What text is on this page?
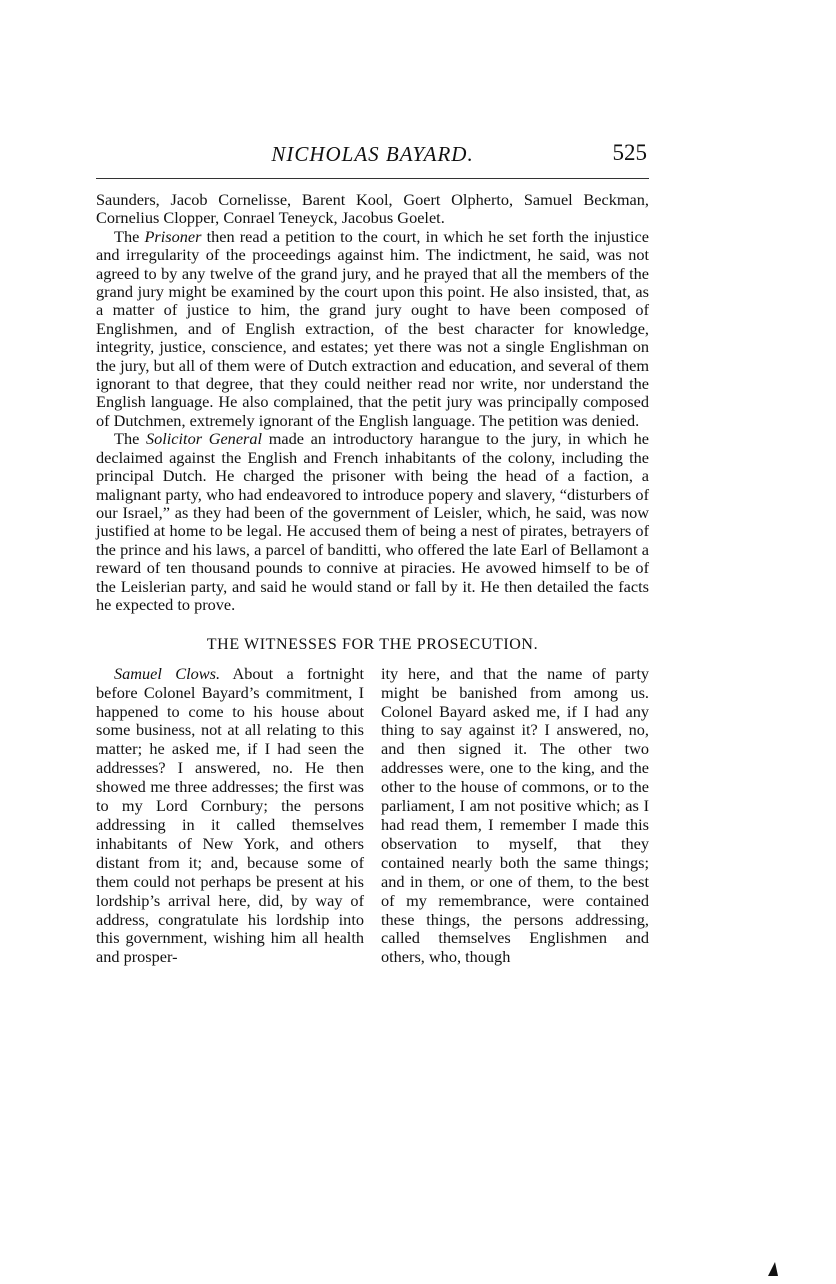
NICHOLAS BAYARD.	525

Saunders, Jacob Cornelisse, Barent Kool, Goert Olpherto, Samuel Beckman, Cornelius Clopper, Conrael Teneyck, Jacobus Goelet.

The Prisoner then read a petition to the court, in which he set forth the injustice and irregularity of the proceedings against him. The indictment, he said, was not agreed to by any twelve of the grand jury, and he prayed that all the members of the grand jury might be examined by the court upon this point. He also insisted, that, as a matter of justice to him, the grand jury ought to have been composed of Englishmen, and of English extraction, of the best character for knowledge, integrity, justice, conscience, and estates; yet there was not a single Englishman on the jury, but all of them were of Dutch extraction and education, and several of them ignorant to that degree, that they could neither read nor write, nor understand the English language. He also complained, that the petit jury was principally composed of Dutchmen, extremely ignorant of the English language. The petition was denied.

The Solicitor General made an introductory harangue to the jury, in which he declaimed against the English and French inhabitants of the colony, including the principal Dutch. He charged the prisoner with being the head of a faction, a malignant party, who had endeavored to introduce popery and slavery, “disturbers of our Israel,” as they had been of the government of Leisler, which, he said, was now justified at home to be legal. He accused them of being a nest of pirates, betrayers of the prince and his laws, a parcel of banditti, who offered the late Earl of Bellamont a reward of ten thousand pounds to connive at piracies. He avowed himself to be of the Leislerian party, and said he would stand or fall by it. He then detailed the facts he expected to prove.

THE WITNESSES FOR THE PROSECUTION.

Samuel Clows. About a fortnight before Colonel Bayard’s commitment, I happened to come to his house about some business, not at all relating to this matter; he asked me, if I had seen the addresses? I answered, no. He then showed me three addresses; the first was to my Lord Cornbury; the persons addressing in it called themselves inhabitants of New York, and others distant from it; and, because some of them could not perhaps be present at his lordship’s arrival here, did, by way of address, congratulate his lordship into this government, wishing him all health and prosper-

ity here, and that the name of party might be banished from among us. Colonel Bayard asked me, if I had any thing to say against it? I answered, no, and then signed it. The other two addresses were, one to the king, and the other to the house of commons, or to the parliament, I am not positive which; as I had read them, I remember I made this observation to myself, that they contained nearly both the same things; and in them, or one of them, to the best of my remembrance, were contained these things, the persons addressing, called themselves Englishmen and others, who, though
